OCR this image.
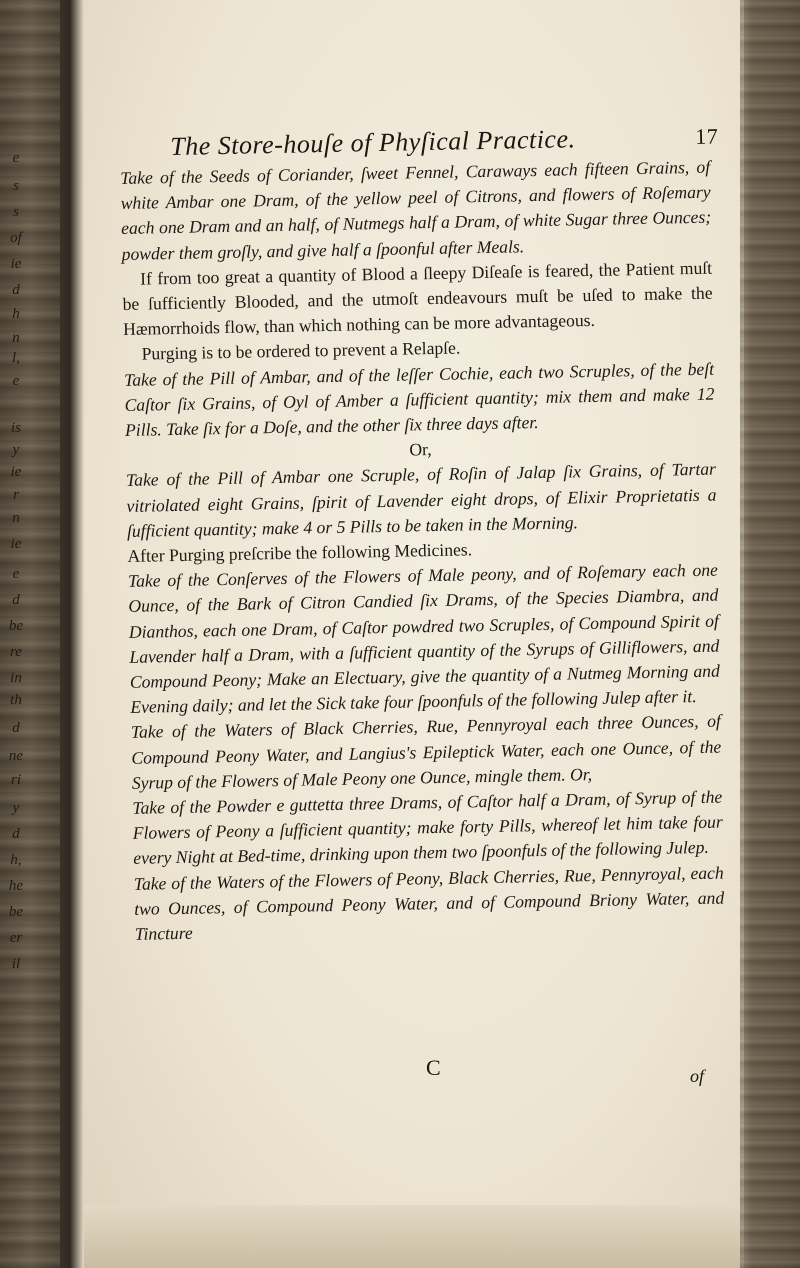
e
s
s
of
ie
d
h
n
l,
e
is
y
ie
r
n
ie
e
d
be
re
in
th
d
ne
ri
y
d
h,
he
be
er
il
The Store-houſe of Phyſical Practice.	17

Take of the Seeds of Coriander, ſweet Fennel, Caraways each fifteen Grains, of white Ambar one Dram, of the yellow peel of Citrons, and flowers of Roſemary each one Dram and an half, of Nutmegs half a Dram, of white Sugar three Ounces; powder them groſly, and give half a ſpoonful after Meals.

If from too great a quantity of Blood a ſleepy Diſeaſe is feared, the Patient muſt be ſufficiently Blooded, and the utmoſt endeavours muſt be uſed to make the Hæmorrhoids flow, than which nothing can be more advantageous.

Purging is to be ordered to prevent a Relapſe.

Take of the Pill of Ambar, and of the leſſer Cochie, each two Scruples, of the beſt Caſtor ſix Grains, of Oyl of Amber a ſufficient quantity; mix them and make 12 Pills. Take ſix for a Doſe, and the other ſix three days after.

Or,

Take of the Pill of Ambar one Scruple, of Roſin of Jalap ſix Grains, of Tartar vitriolated eight Grains, ſpirit of Lavender eight drops, of Elixir Proprietatis a ſufficient quantity; make 4 or 5 Pills to be taken in the Morning.

After Purging preſcribe the following Medicines.

Take of the Conſerves of the Flowers of Male peony, and of Roſemary each one Ounce, of the Bark of Citron Candied ſix Drams, of the Species Diambra, and Dianthos, each one Dram, of Caſtor powdred two Scruples, of Compound Spirit of Lavender half a Dram, with a ſufficient quantity of the Syrups of Gilliflowers, and Compound Peony; Make an Electuary, give the quantity of a Nutmeg Morning and Evening daily; and let the Sick take four ſpoonfuls of the following Julep after it.

Take of the Waters of Black Cherries, Rue, Pennyroyal each three Ounces, of Compound Peony Water, and Langius's Epileptick Water, each one Ounce, of the Syrup of the Flowers of Male Peony one Ounce, mingle them. Or,

Take of the Powder e guttetta three Drams, of Caſtor half a Dram, of Syrup of the Flowers of Peony a ſufficient quantity; make forty Pills, whereof let him take four every Night at Bed-time, drinking upon them two ſpoonfuls of the following Julep.

Take of the Waters of the Flowers of Peony, Black Cherries, Rue, Pennyroyal, each two Ounces, of Compound Peony Water, and of Compound Briony Water, and Tincture

C	of
